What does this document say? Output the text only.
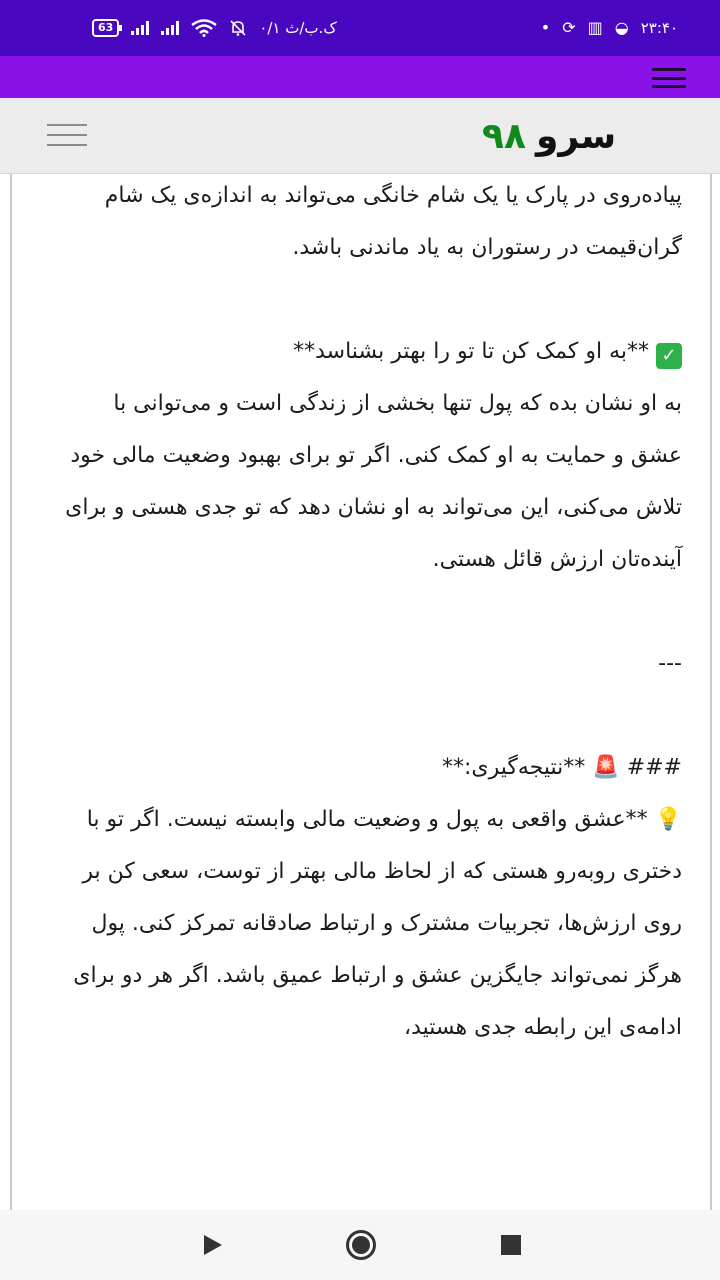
63	۰/۱ ک.ب/ث	• ⟳ ▥ ◒ ۲۳:۴۰
۹۸ سرو

پیاده‌روی در پارک یا یک شام خانگی می‌تواند به اندازه‌ی یک شام گران‌قیمت در رستوران به یاد ماندنی باشد.

✓ **به او کمک کن تا تو را بهتر بشناسد**

به او نشان بده که پول تنها بخشی از زندگی است و می‌توانی با عشق و حمایت به او کمک کنی. اگر تو برای بهبود وضعیت مالی خود تلاش می‌کنی، این می‌تواند به او نشان دهد که تو جدی هستی و برای آینده‌تان ارزش قائل هستی.

---

### 🚨 **نتیجه‌گیری:**

💡 **عشق واقعی به پول و وضعیت مالی وابسته نیست. اگر تو با دختری روبه‌رو هستی که از لحاظ مالی بهتر از توست، سعی کن بر روی ارزش‌ها، تجربیات مشترک و ارتباط صادقانه تمرکز کنی. پول هرگز نمی‌تواند جایگزین عشق و ارتباط عمیق باشد. اگر هر دو برای ادامه‌ی این رابطه جدی هستید،
